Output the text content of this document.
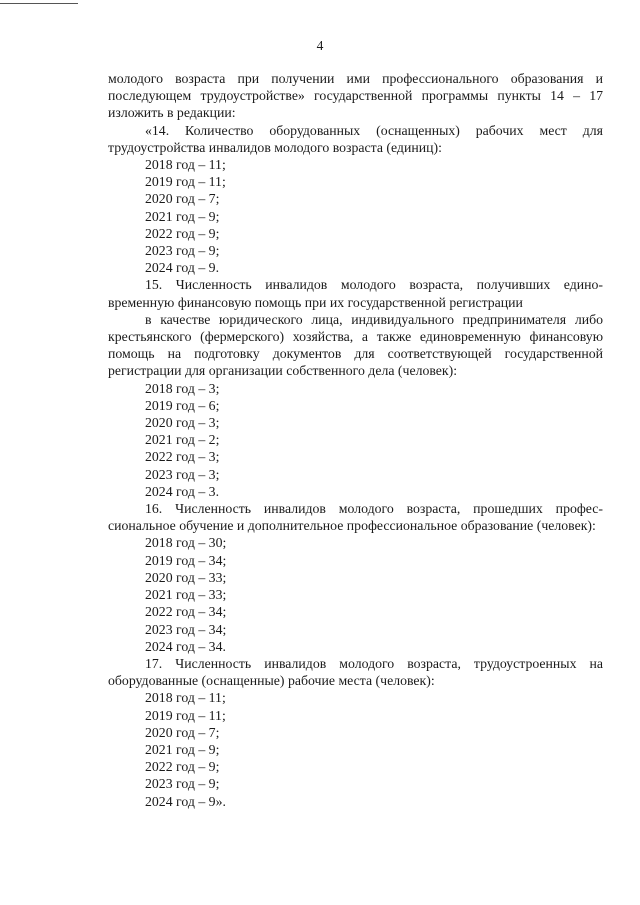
4

молодого возраста при получении ими профессионального образования и последующем трудоустройстве» государственной программы пункты 14 – 17 изложить в редакции:

«14. Количество оборудованных (оснащенных) рабочих мест для трудоустройства инвалидов молодого возраста (единиц):

2018 год – 11;
2019 год – 11;
2020 год – 7;
2021 год – 9;
2022 год – 9;
2023 год – 9;
2024 год – 9.

15. Численность инвалидов молодого возраста, получивших едино- временную финансовую помощь при их государственной регистрации

в качестве юридического лица, индивидуального предпринимателя либо крестьянского (фермерского) хозяйства, а также единовременную финансовую помощь на подготовку документов для соответствующей государственной регистрации для организации собственного дела (человек):

2018 год – 3;
2019 год – 6;
2020 год – 3;
2021 год – 2;
2022 год – 3;
2023 год – 3;
2024 год – 3.

16. Численность инвалидов молодого возраста, прошедших профес- сиональное обучение и дополнительное профессиональное образование (человек):

2018 год – 30;
2019 год – 34;
2020 год – 33;
2021 год – 33;
2022 год – 34;
2023 год – 34;
2024 год – 34.

17. Численность инвалидов молодого возраста, трудоустроенных на оборудованные (оснащенные) рабочие места (человек):

2018 год – 11;
2019 год – 11;
2020 год – 7;
2021 год – 9;
2022 год – 9;
2023 год – 9;
2024 год – 9».
